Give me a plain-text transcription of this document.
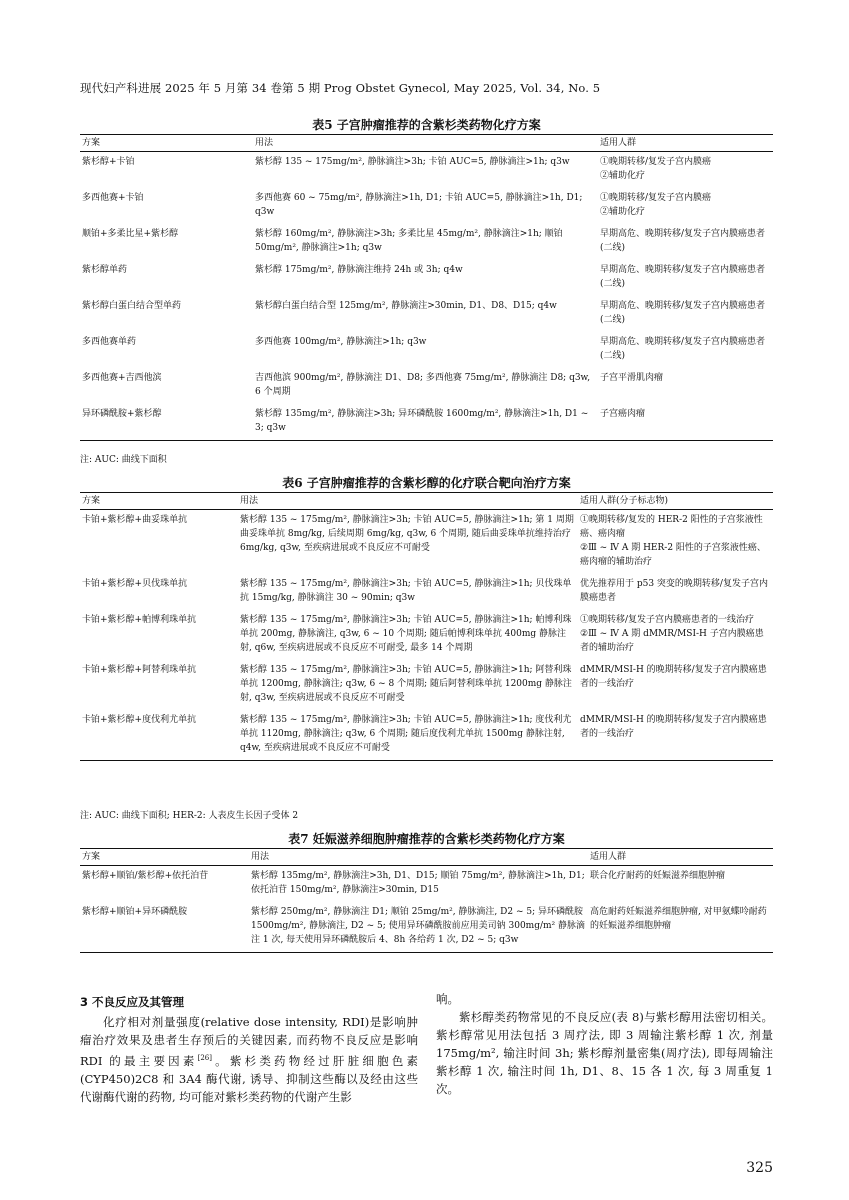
现代妇产科进展 2025 年 5 月第 34 卷第 5 期 Prog Obstet Gynecol, May 2025, Vol. 34, No. 5
表5 子宫肿瘤推荐的含紫杉类药物化疗方案
方案	用法	适用人群
紫杉醇+卡铂	紫杉醇 135 ~ 175mg/m², 静脉滴注>3h; 卡铂 AUC=5, 静脉滴注>1h; q3w	①晚期转移/复发子宫内膜癌
②辅助化疗
多西他赛+卡铂	多西他赛 60 ~ 75mg/m², 静脉滴注>1h, D1; 卡铂 AUC=5, 静脉滴注>1h, D1; q3w	①晚期转移/复发子宫内膜癌
②辅助化疗
顺铂+多柔比星+紫杉醇	紫杉醇 160mg/m², 静脉滴注>3h; 多柔比星 45mg/m², 静脉滴注>1h; 顺铂 50mg/m², 静脉滴注>1h; q3w	早期高危、晚期转移/复发子宫内膜癌患者(二线)
紫杉醇单药	紫杉醇 175mg/m², 静脉滴注维持 24h 或 3h; q4w	早期高危、晚期转移/复发子宫内膜癌患者(二线)
紫杉醇白蛋白结合型单药	紫杉醇白蛋白结合型 125mg/m², 静脉滴注>30min, D1、D8、D15; q4w	早期高危、晚期转移/复发子宫内膜癌患者(二线)
多西他赛单药	多西他赛 100mg/m², 静脉滴注>1h; q3w	早期高危、晚期转移/复发子宫内膜癌患者(二线)
多西他赛+吉西他滨	吉西他滨 900mg/m², 静脉滴注 D1、D8; 多西他赛 75mg/m², 静脉滴注 D8; q3w, 6 个周期	子宫平滑肌肉瘤
异环磷酰胺+紫杉醇	紫杉醇 135mg/m², 静脉滴注>3h; 异环磷酰胺 1600mg/m², 静脉滴注>1h, D1 ~ 3; q3w	子宫癌肉瘤
注: AUC: 曲线下面积
表6 子宫肿瘤推荐的含紫杉醇的化疗联合靶向治疗方案
方案	用法	适用人群(分子标志物)
卡铂+紫杉醇+曲妥珠单抗	紫杉醇 135 ~ 175mg/m², 静脉滴注>3h; 卡铂 AUC=5, 静脉滴注>1h; 第 1 周期曲妥珠单抗 8mg/kg, 后续周期 6mg/kg, q3w, 6 个周期, 随后曲妥珠单抗维持治疗 6mg/kg, q3w, 至疾病进展或不良反应不可耐受	①晚期转移/复发的 HER-2 阳性的子宫浆液性癌、癌肉瘤
②Ⅲ ~ Ⅳ A 期 HER-2 阳性的子宫浆液性癌、癌肉瘤的辅助治疗
卡铂+紫杉醇+贝伐珠单抗	紫杉醇 135 ~ 175mg/m², 静脉滴注>3h; 卡铂 AUC=5, 静脉滴注>1h; 贝伐珠单抗 15mg/kg, 静脉滴注 30 ~ 90min; q3w	优先推荐用于 p53 突变的晚期转移/复发子宫内膜癌患者
卡铂+紫杉醇+帕博利珠单抗	紫杉醇 135 ~ 175mg/m², 静脉滴注>3h; 卡铂 AUC=5, 静脉滴注>1h; 帕博利珠单抗 200mg, 静脉滴注, q3w, 6 ~ 10 个周期; 随后帕博利珠单抗 400mg 静脉注射, q6w, 至疾病进展或不良反应不可耐受, 最多 14 个周期	①晚期转移/复发子宫内膜癌患者的一线治疗
②Ⅲ ~ Ⅳ A 期 dMMR/MSI-H 子宫内膜癌患者的辅助治疗
卡铂+紫杉醇+阿替利珠单抗	紫杉醇 135 ~ 175mg/m², 静脉滴注>3h; 卡铂 AUC=5, 静脉滴注>1h; 阿替利珠单抗 1200mg, 静脉滴注; q3w, 6 ~ 8 个周期; 随后阿替利珠单抗 1200mg 静脉注射, q3w, 至疾病进展或不良反应不可耐受	dMMR/MSI-H 的晚期转移/复发子宫内膜癌患者的一线治疗
卡铂+紫杉醇+度伐利尤单抗	紫杉醇 135 ~ 175mg/m², 静脉滴注>3h; 卡铂 AUC=5, 静脉滴注>1h; 度伐利尤单抗 1120mg, 静脉滴注; q3w, 6 个周期; 随后度伐利尤单抗 1500mg 静脉注射, q4w, 至疾病进展或不良反应不可耐受	dMMR/MSI-H 的晚期转移/复发子宫内膜癌患者的一线治疗
注: AUC: 曲线下面积; HER-2: 人表皮生长因子受体 2
表7 妊娠滋养细胞肿瘤推荐的含紫杉类药物化疗方案
方案	用法	适用人群
紫杉醇+顺铂/紫杉醇+依托泊苷	紫杉醇 135mg/m², 静脉滴注>3h, D1、D15; 顺铂 75mg/m², 静脉滴注>1h, D1; 依托泊苷 150mg/m², 静脉滴注>30min, D15	联合化疗耐药的妊娠滋养细胞肿瘤
紫杉醇+顺铂+异环磷酰胺	紫杉醇 250mg/m², 静脉滴注 D1; 顺铂 25mg/m², 静脉滴注, D2 ~ 5; 异环磷酰胺 1500mg/m², 静脉滴注, D2 ~ 5; 使用异环磷酰胺前应用美司钠 300mg/m² 静脉滴注 1 次, 每天使用异环磷酰胺后 4、8h 各给药 1 次, D2 ~ 5; q3w	高危耐药妊娠滋养细胞肿瘤, 对甲氨蝶呤耐药的妊娠滋养细胞肿瘤
3 不良反应及其管理

化疗相对剂量强度(relative dose intensity, RDI)是影响肿瘤治疗效果及患者生存预后的关键因素, 而药物不良反应是影响 RDI 的最主要因素[26]。紫杉类药物经过肝脏细胞色素(CYP450)2C8 和 3A4 酶代谢, 诱导、抑制这些酶以及经由这些代谢酶代谢的药物, 均可能对紫杉类药物的代谢产生影

响。

紫杉醇类药物常见的不良反应(表 8)与紫杉醇用法密切相关。紫杉醇常见用法包括 3 周疗法, 即 3 周输注紫杉醇 1 次, 剂量 175mg/m², 输注时间 3h; 紫杉醇剂量密集(周疗法), 即每周输注紫杉醇 1 次, 输注时间 1h, D1、8、15 各 1 次, 每 3 周重复 1 次。

325
